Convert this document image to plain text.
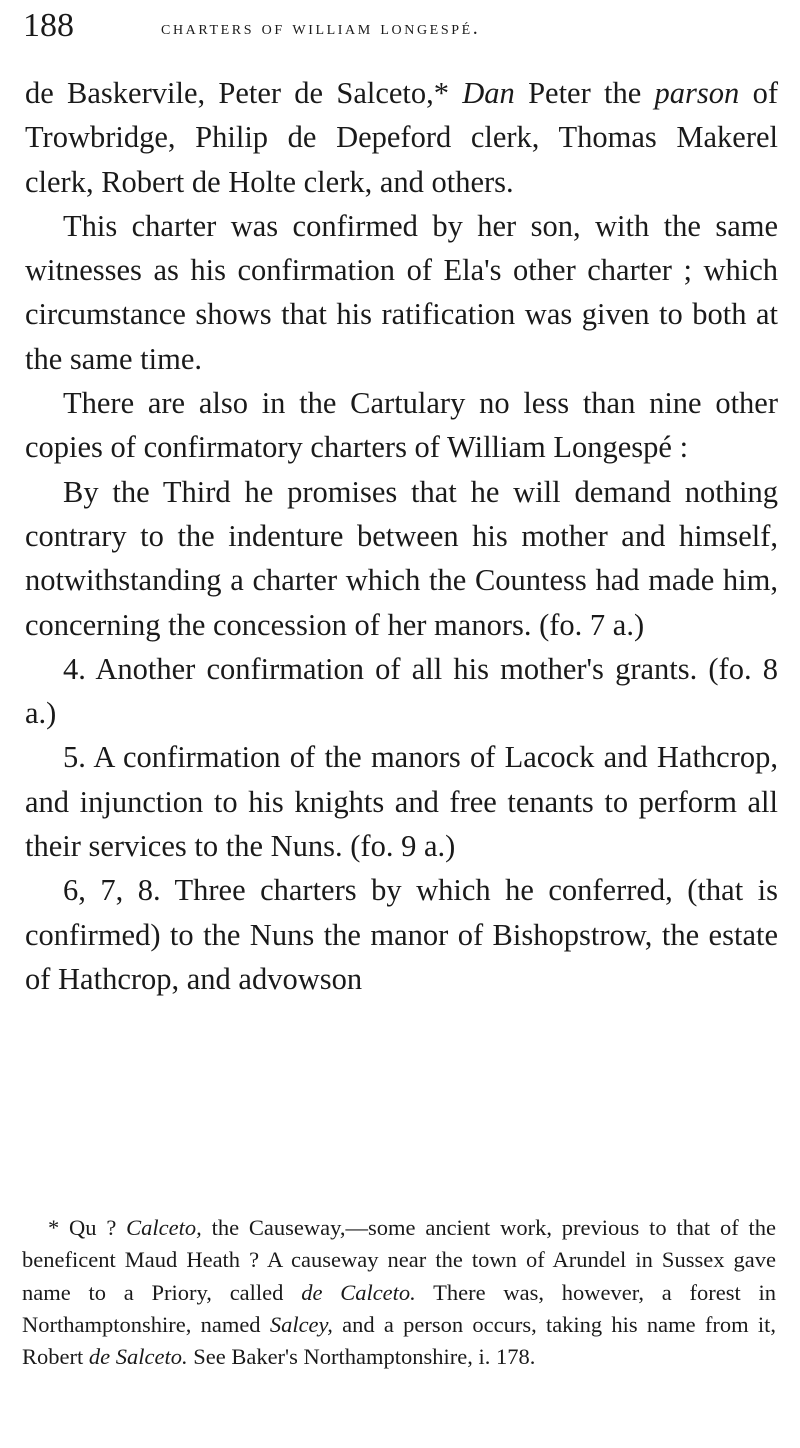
188	charters of william longespé.

de Baskervile, Peter de Salceto,* Dan Peter the parson of Trowbridge, Philip de Depeford clerk, Thomas Makerel clerk, Robert de Holte clerk, and others.

This charter was confirmed by her son, with the same witnesses as his confirmation of Ela's other charter ; which circumstance shows that his ratification was given to both at the same time.

There are also in the Cartulary no less than nine other copies of confirmatory charters of William Longespé :

By the Third he promises that he will demand nothing contrary to the indenture between his mother and himself, notwithstanding a charter which the Countess had made him, concerning the concession of her manors. (fo. 7 a.)

4. Another confirmation of all his mother's grants. (fo. 8 a.)

5. A confirmation of the manors of Lacock and Hathcrop, and injunction to his knights and free tenants to perform all their services to the Nuns. (fo. 9 a.)

6, 7, 8. Three charters by which he conferred, (that is confirmed) to the Nuns the manor of Bishopstrow, the estate of Hathcrop, and advowson

* Qu ? Calceto, the Causeway,—some ancient work, previous to that of the beneficent Maud Heath ? A causeway near the town of Arundel in Sussex gave name to a Priory, called de Calceto. There was, however, a forest in Northamptonshire, named Salcey, and a person occurs, taking his name from it, Robert de Salceto. See Baker's Northamptonshire, i. 178.
